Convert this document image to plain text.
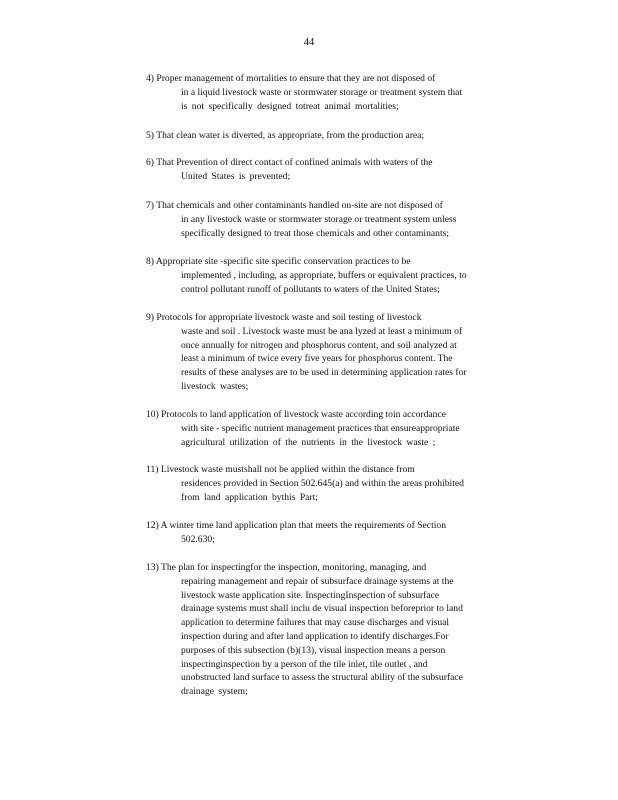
44
4) Proper management of mortalities to ensure that they are not disposed of
in a liquid livestock waste or stormwater storage or treatment system that
is not specifically designed totreat animal mortalities;
5) That clean water is diverted, as appropriate, from the production area;
6) That Prevention of direct contact of confined animals with waters of the
United States is prevented;
7) That chemicals and other contaminants handled on-site are not disposed of
in any livestock waste or stormwater storage or treatment system unless
specifically designed to treat those chemicals and other contaminants;
8) Appropriate site -specific site specific conservation practices to be
implemented , including, as appropriate, buffers or equivalent practices, to
control pollutant runoff of pollutants to waters of the United States;
9) Protocols for appropriate livestock waste and soil testing of livestock
waste and soil . Livestock waste must be ana lyzed at least a minimum of
once annually for nitrogen and phosphorus content, and soil analyzed at
least a minimum of twice every five years for phosphorus content. The
results of these analyses are to be used in determining application rates for
livestock wastes;
10) Protocols to land application of livestock waste according toin accordance
with site - specific nutrient management practices that ensureappropriate
agricultural utilization of the nutrients in the livestock waste ;
11) Livestock waste mustshall not be applied within the distance from
residences provided in Section 502.645(a) and within the areas prohibited
from land application bythis Part;
12) A winter time land application plan that meets the requirements of Section
502.630;
13) The plan for inspectingfor the inspection, monitoring, managing, and
repairing management and repair of subsurface drainage systems at the
livestock waste application site. InspectingInspection of subsurface
drainage systems must shall inclu de visual inspection beforeprior to land
application to determine failures that may cause discharges and visual
inspection during and after land application to identify discharges.For
purposes of this subsection (b)(13), visual inspection means a person
inspectinginspection by a person of the tile inlet, tile outlet , and
unobstructed land surface to assess the structural ability of the subsurface
drainage system;
